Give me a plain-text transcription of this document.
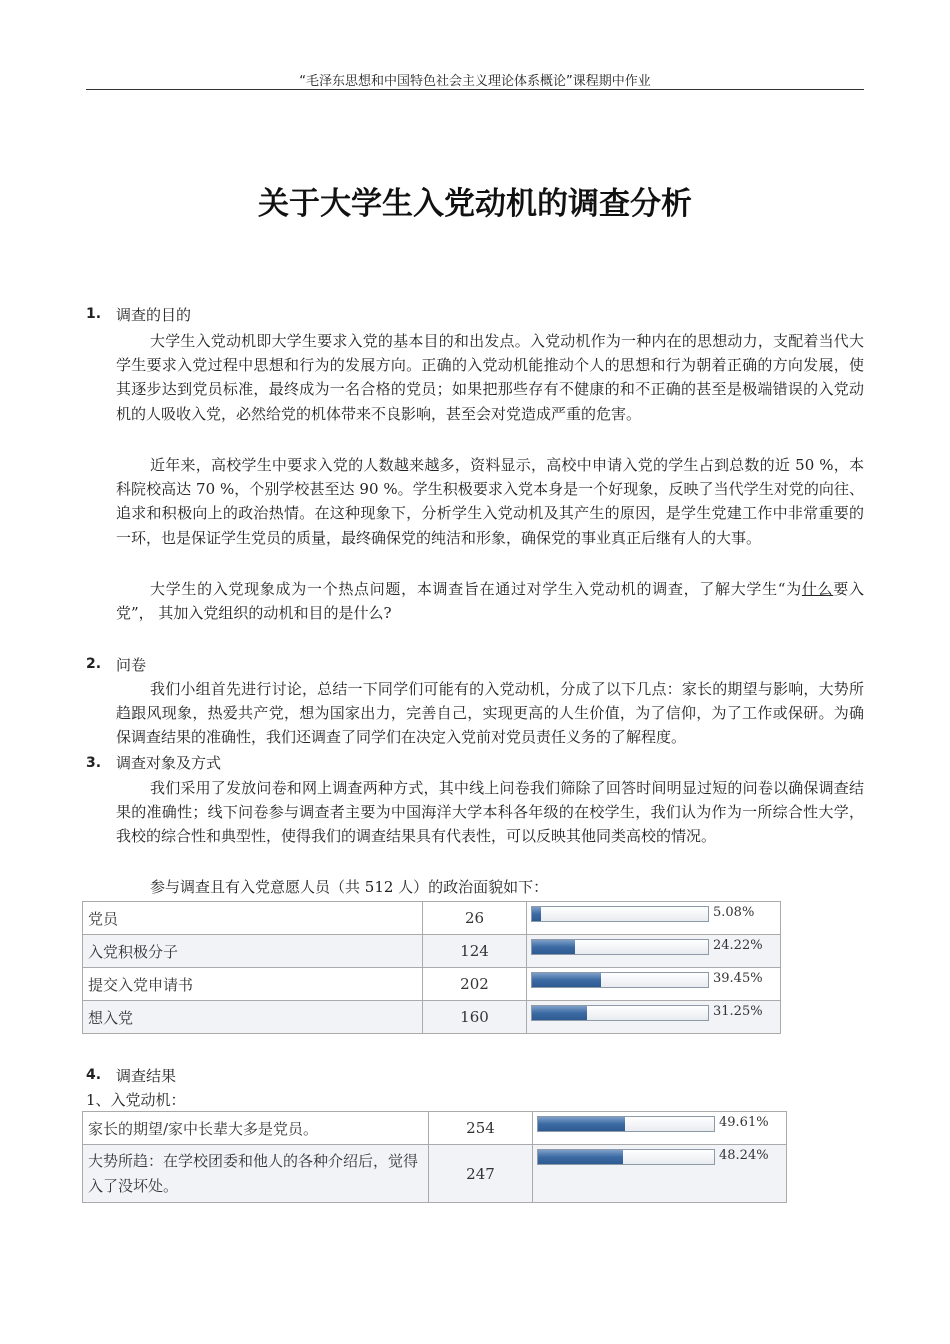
“毛泽东思想和中国特色社会主义理论体系概论”课程期中作业
关于大学生入党动机的调查分析
1. 调查的目的

大学生入党动机即大学生要求入党的基本目的和出发点。入党动机作为一种内在的思想动力，支配着当代大学生要求入党过程中思想和行为的发展方向。正确的入党动机能推动个人的思想和行为朝着正确的方向发展，使其逐步达到党员标准，最终成为一名合格的党员；如果把那些存有不健康的和不正确的甚至是极端错误的入党动机的人吸收入党，必然给党的机体带来不良影响，甚至会对党造成严重的危害。

近年来，高校学生中要求入党的人数越来越多，资料显示，高校中申请入党的学生占到总数的近 50 %，本科院校高达 70 %，个别学校甚至达 90 %。学生积极要求入党本身是一个好现象，反映了当代学生对党的向往、追求和积极向上的政治热情。在这种现象下，分析学生入党动机及其产生的原因，是学生党建工作中非常重要的一环，也是保证学生党员的质量，最终确保党的纯洁和形象，确保党的事业真正后继有人的大事。

大学生的入党现象成为一个热点问题，本调查旨在通过对学生入党动机的调查，了解大学生“为什么要入党”， 其加入党组织的动机和目的是什么?

2. 问卷

我们小组首先进行讨论，总结一下同学们可能有的入党动机，分成了以下几点：家长的期望与影响，大势所趋跟风现象，热爱共产党，想为国家出力，完善自己，实现更高的人生价值，为了信仰，为了工作或保研。为确保调查结果的准确性，我们还调查了同学们在决定入党前对党员责任义务的了解程度。

3. 调查对象及方式

我们采用了发放问卷和网上调查两种方式，其中线上问卷我们筛除了回答时间明显过短的问卷以确保调查结果的准确性；线下问卷参与调查者主要为中国海洋大学本科各年级的在校学生，我们认为作为一所综合性大学，我校的综合性和典型性，使得我们的调查结果具有代表性，可以反映其他同类高校的情况。

参与调查且有入党意愿人员（共 512 人）的政治面貌如下：

党员	26	5.08%

入党积极分子	124	24.22%

提交入党申请书	202	39.45%

想入党	160	31.25%
4. 调查结果
1、入党动机：
家长的期望/家中长辈大多是党员。	254	49.61%

大势所趋：在学校团委和他人的各种介绍后，觉得入了没坏处。	247	48.24%
